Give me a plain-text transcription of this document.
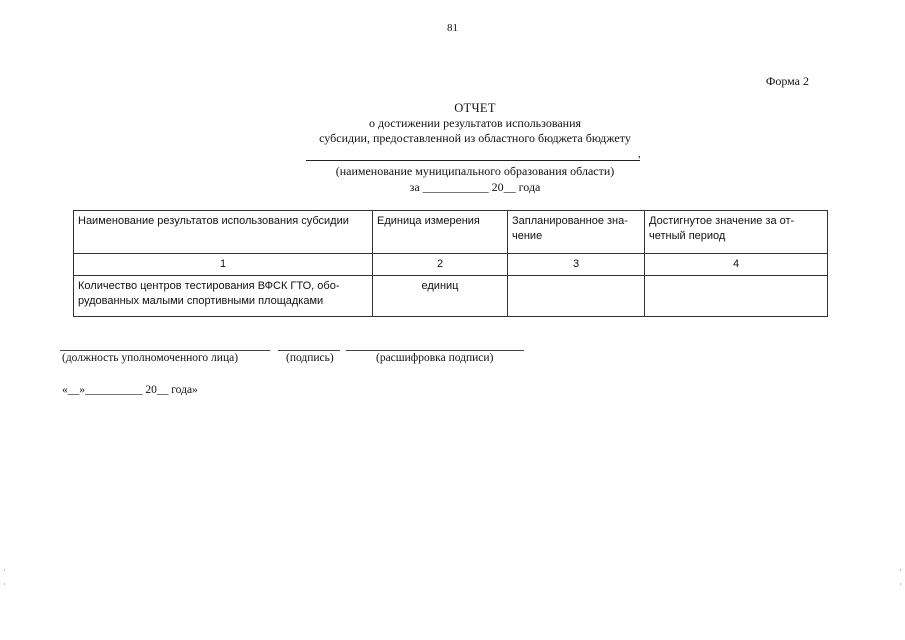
81
Форма 2
ОТЧЕТ
о достижении результатов использования
субсидии, предоставленной из областного бюджета бюджету
,
(наименование муниципального образования области)
за ___________ 20__ года
Наименование результатов использования субсидии	Единица измерения	Запланированное зна-чение	Достигнутое значение за от-четный период
1	2	3	4
Количество центров тестирования ВФСК ГТО, обо-рудованных малыми спортивными площадками	единиц		
(должность уполномоченного лица)	(подпись)	(расшифровка подписи)
«__»__________ 20__ года»
·
·
·
·
